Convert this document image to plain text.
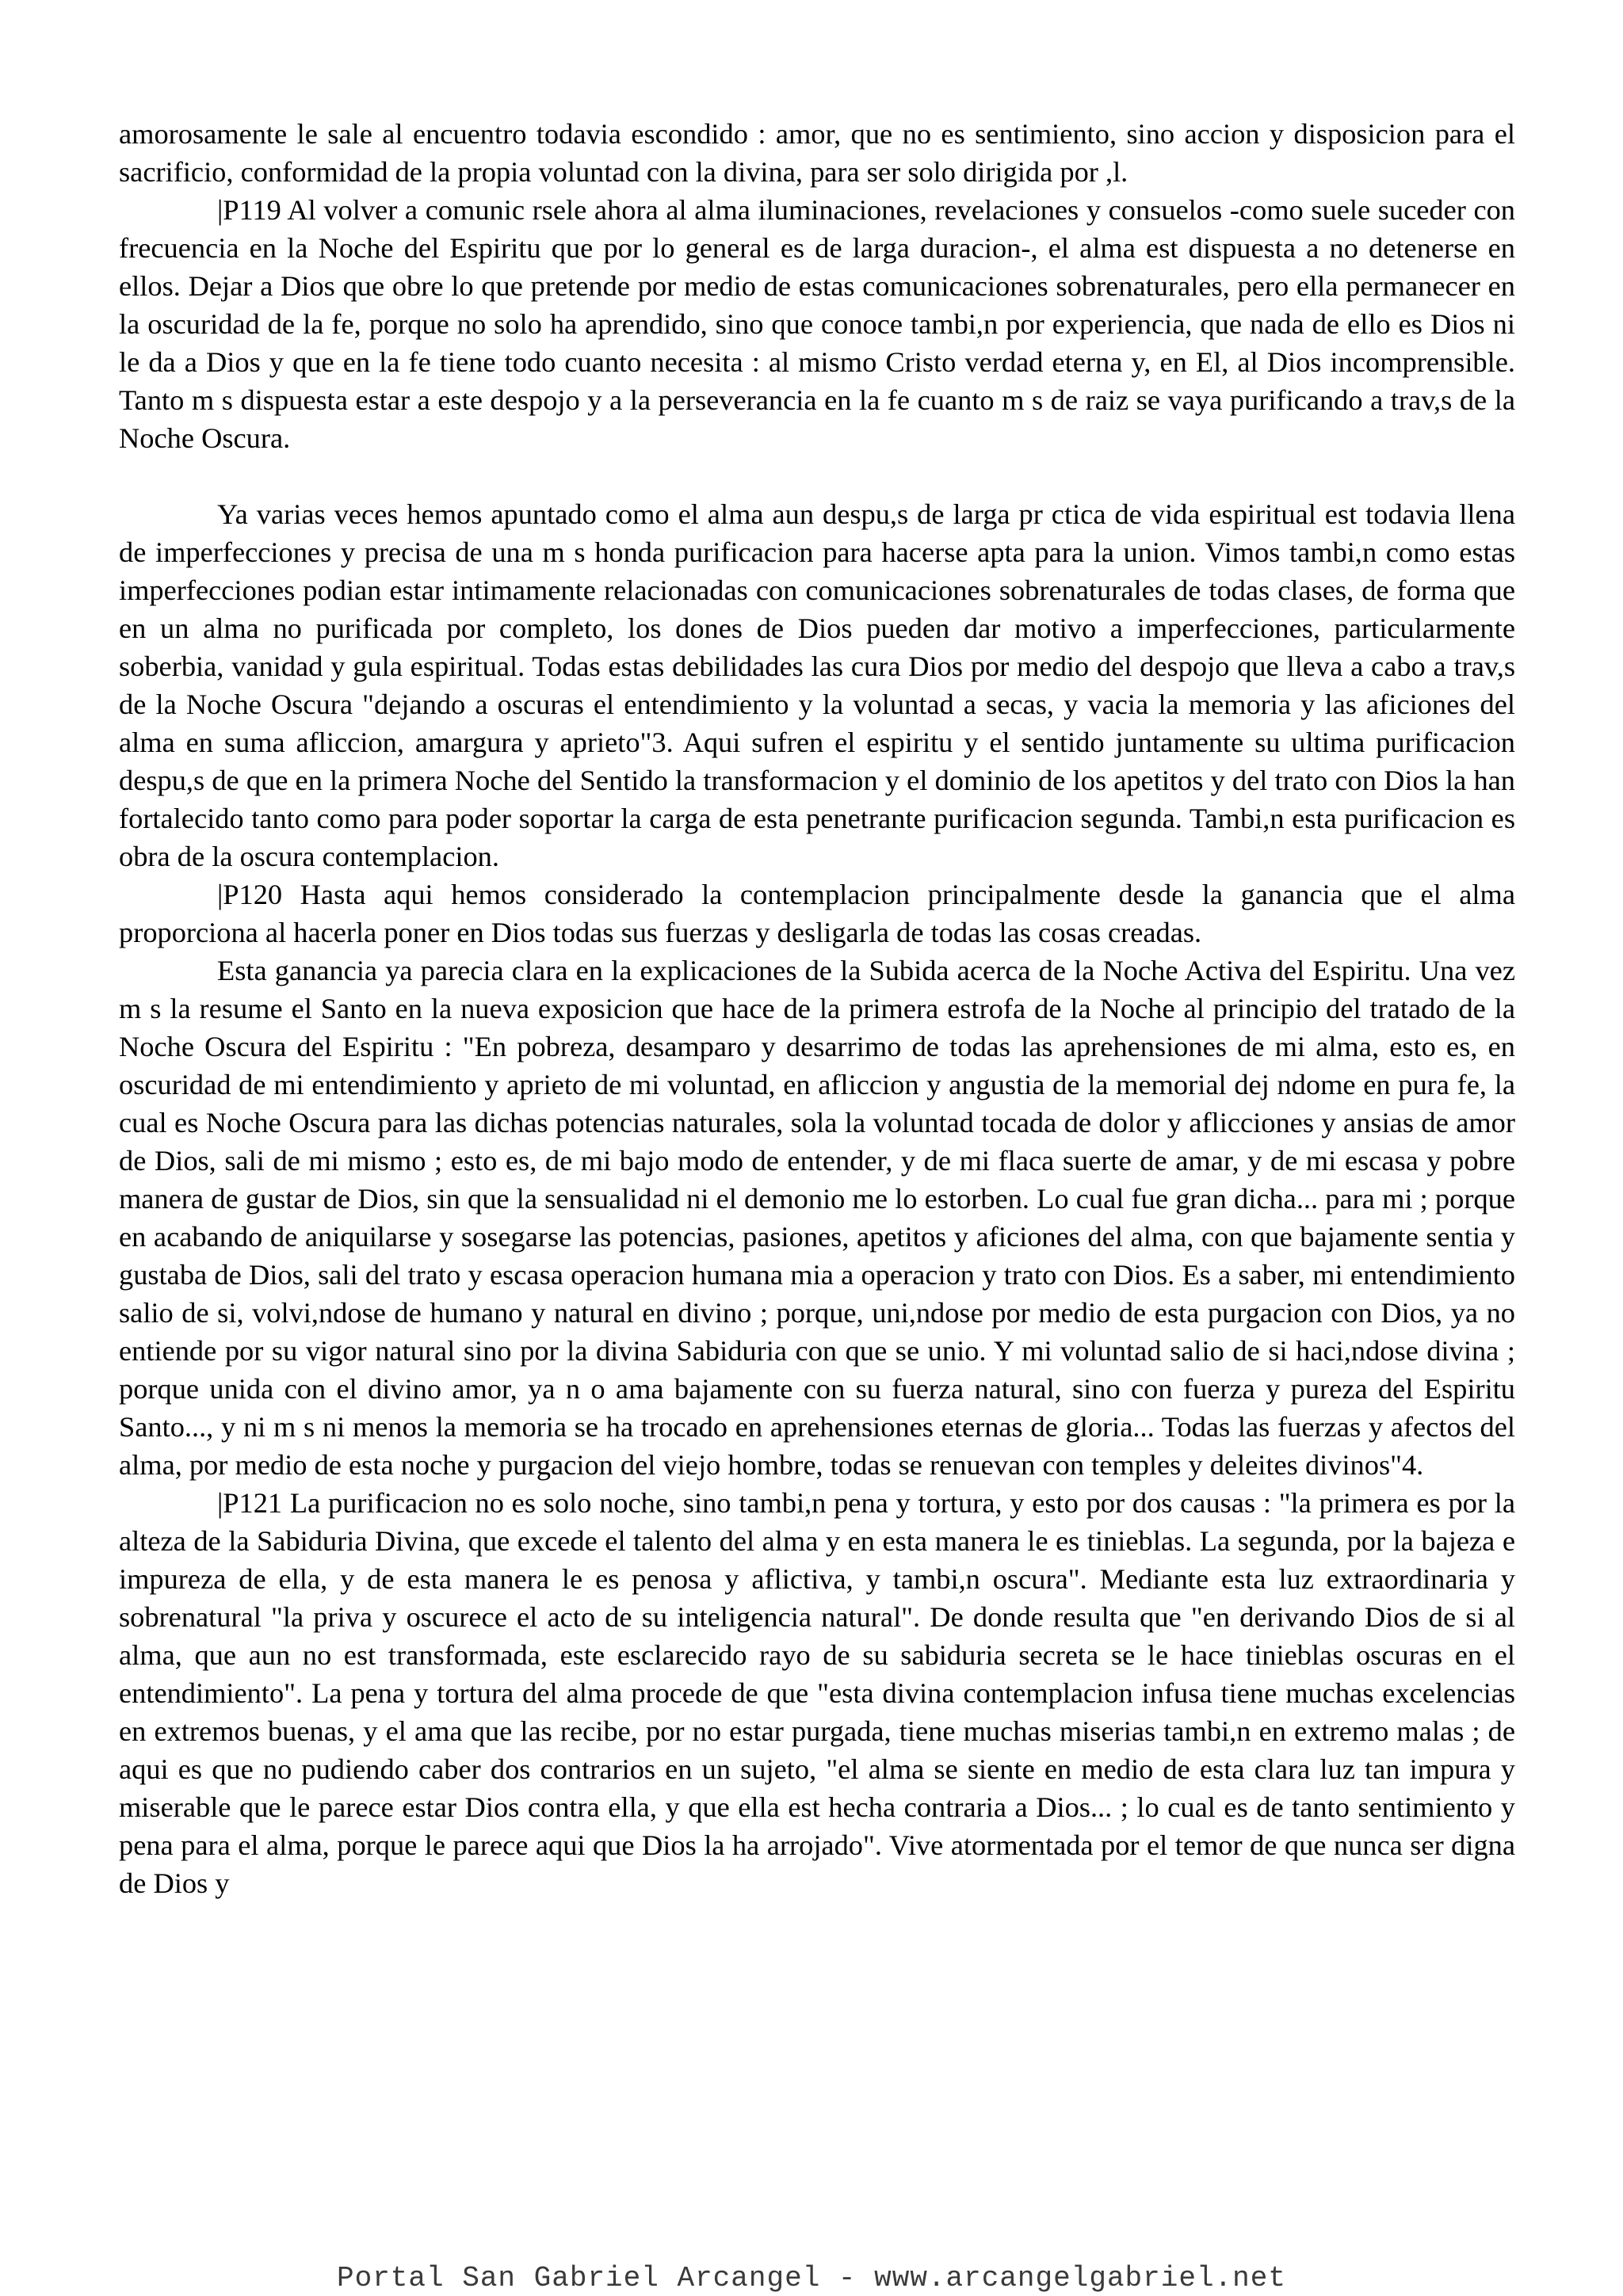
amorosamente le sale al encuentro todavia escondido : amor, que no es sentimiento, sino accion y disposicion para el sacrificio, conformidad de la propia voluntad con la divina, para ser solo dirigida por ,l.

|P119 Al volver a comunic rsele ahora al alma iluminaciones, revelaciones y consuelos -como suele suceder con frecuencia en la Noche del Espiritu que por lo general es de larga duracion-, el alma est dispuesta a no detenerse en ellos. Dejar a Dios que obre lo que pretende por medio de estas comunicaciones sobrenaturales, pero ella permanecer en la oscuridad de la fe, porque no solo ha aprendido, sino que conoce tambi,n por experiencia, que nada de ello es Dios ni le da a Dios y que en la fe tiene todo cuanto necesita : al mismo Cristo verdad eterna y, en El, al Dios incomprensible. Tanto m s dispuesta estar a este despojo y a la perseverancia en la fe cuanto m s de raiz se vaya purificando a trav,s de la Noche Oscura.

Ya varias veces hemos apuntado como el alma aun despu,s de larga pr ctica de vida espiritual est todavia llena de imperfecciones y precisa de una m s honda purificacion para hacerse apta para la union. Vimos tambi,n como estas imperfecciones podian estar intimamente relacionadas con comunicaciones sobrenaturales de todas clases, de forma que en un alma no purificada por completo, los dones de Dios pueden dar motivo a imperfecciones, particularmente soberbia, vanidad y gula espiritual. Todas estas debilidades las cura Dios por medio del despojo que lleva a cabo a trav,s de la Noche Oscura "dejando a oscuras el entendimiento y la voluntad a secas, y vacia la memoria y las aficiones del alma en suma afliccion, amargura y aprieto"3. Aqui sufren el espiritu y el sentido juntamente su ultima purificacion despu,s de que en la primera Noche del Sentido la transformacion y el dominio de los apetitos y del trato con Dios la han fortalecido tanto como para poder soportar la carga de esta penetrante purificacion segunda. Tambi,n esta purificacion es obra de la oscura contemplacion.

|P120 Hasta aqui hemos considerado la contemplacion principalmente desde la ganancia que el alma proporciona al hacerla poner en Dios todas sus fuerzas y desligarla de todas las cosas creadas.

Esta ganancia ya parecia clara en la explicaciones de la Subida acerca de la Noche Activa del Espiritu. Una vez m s la resume el Santo en la nueva exposicion que hace de la primera estrofa de la Noche al principio del tratado de la Noche Oscura del Espiritu : "En pobreza, desamparo y desarrimo de todas las aprehensiones de mi alma, esto es, en oscuridad de mi entendimiento y aprieto de mi voluntad, en afliccion y angustia de la memorial dej ndome en pura fe, la cual es Noche Oscura para las dichas potencias naturales, sola la voluntad tocada de dolor y aflicciones y ansias de amor de Dios, sali de mi mismo ; esto es, de mi bajo modo de entender, y de mi flaca suerte de amar, y de mi escasa y pobre manera de gustar de Dios, sin que la sensualidad ni el demonio me lo estorben. Lo cual fue gran dicha... para mi ; porque en acabando de aniquilarse y sosegarse las potencias, pasiones, apetitos y aficiones del alma, con que bajamente sentia y gustaba de Dios, sali del trato y escasa operacion humana mia a operacion y trato con Dios. Es a saber, mi entendimiento salio de si, volvi,ndose de humano y natural en divino ; porque, uni,ndose por medio de esta purgacion con Dios, ya no entiende por su vigor natural sino por la divina Sabiduria con que se unio. Y mi voluntad salio de si haci,ndose divina ; porque unida con el divino amor, ya n o ama bajamente con su fuerza natural, sino con fuerza y pureza del Espiritu Santo..., y ni m s ni menos la memoria se ha trocado en aprehensiones eternas de gloria... Todas las fuerzas y afectos del alma, por medio de esta noche y purgacion del viejo hombre, todas se renuevan con temples y deleites divinos"4.

|P121 La purificacion no es solo noche, sino tambi,n pena y tortura, y esto por dos causas : "la primera es por la alteza de la Sabiduria Divina, que excede el talento del alma y en esta manera le es tinieblas. La segunda, por la bajeza e impureza de ella, y de esta manera le es penosa y aflictiva, y tambi,n oscura". Mediante esta luz extraordinaria y sobrenatural "la priva y oscurece el acto de su inteligencia natural". De donde resulta que "en derivando Dios de si al alma, que aun no est transformada, este esclarecido rayo de su sabiduria secreta se le hace tinieblas oscuras en el entendimiento". La pena y tortura del alma procede de que "esta divina contemplacion infusa tiene muchas excelencias en extremos buenas, y el ama que las recibe, por no estar purgada, tiene muchas miserias tambi,n en extremo malas ; de aqui es que no pudiendo caber dos contrarios en un sujeto, "el alma se siente en medio de esta clara luz tan impura y miserable que le parece estar Dios contra ella, y que ella est hecha contraria a Dios... ; lo cual es de tanto sentimiento y pena para el alma, porque le parece aqui que Dios la ha arrojado". Vive atormentada por el temor de que nunca ser digna de Dios y

Portal San Gabriel Arcangel - www.arcangelgabriel.net
